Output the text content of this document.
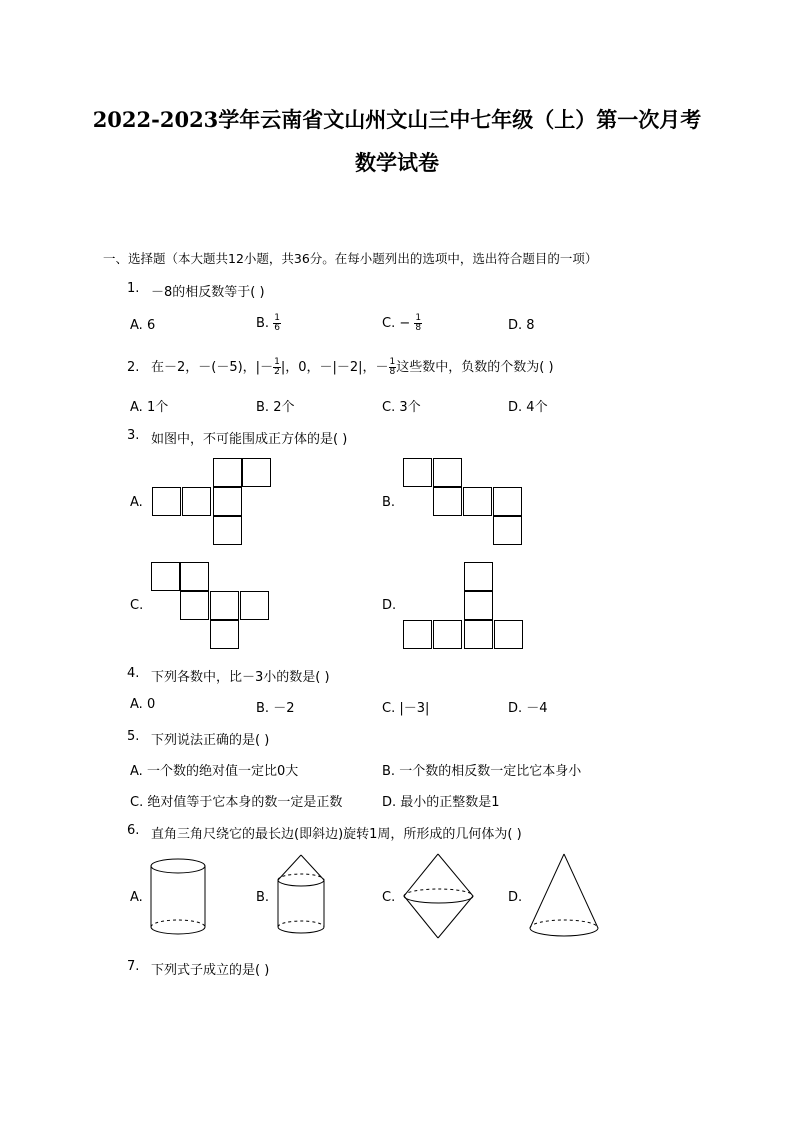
2022-2023学年云南省文山州文山三中七年级（上）第一次月考
数学试卷
一、选择题（本大题共12小题，共36分。在每小题列出的选项中，选出符合题目的一项）
1. －8的相反数等于( )
A. 6	B. $\frac{1}{6}$	C. − $\frac{1}{8}$	D. 8
2. 在－2，－(－5)，|－ $\frac{1}{2}$ |，0，－|－2|，－ $\frac{1}{8}$ 这些数中，负数的个数为( )
A. 1个	B. 2个	C. 3个	D. 4个
3. 如图中，不可能围成正方体的是( )
A.	B.
C.	D.
4. 下列各数中，比－3小的数是( )
A. 0	B. －2	C. |－3|	D. －4
5. 下列说法正确的是( )
A. 一个数的绝对值一定比0大	B. 一个数的相反数一定比它本身小
C. 绝对值等于它本身的数一定是正数	D. 最小的正整数是1
6. 直角三角尺绕它的最长边(即斜边)旋转1周，所形成的几何体为( )
A.	B.	C.	D.
7. 下列式子成立的是( )
